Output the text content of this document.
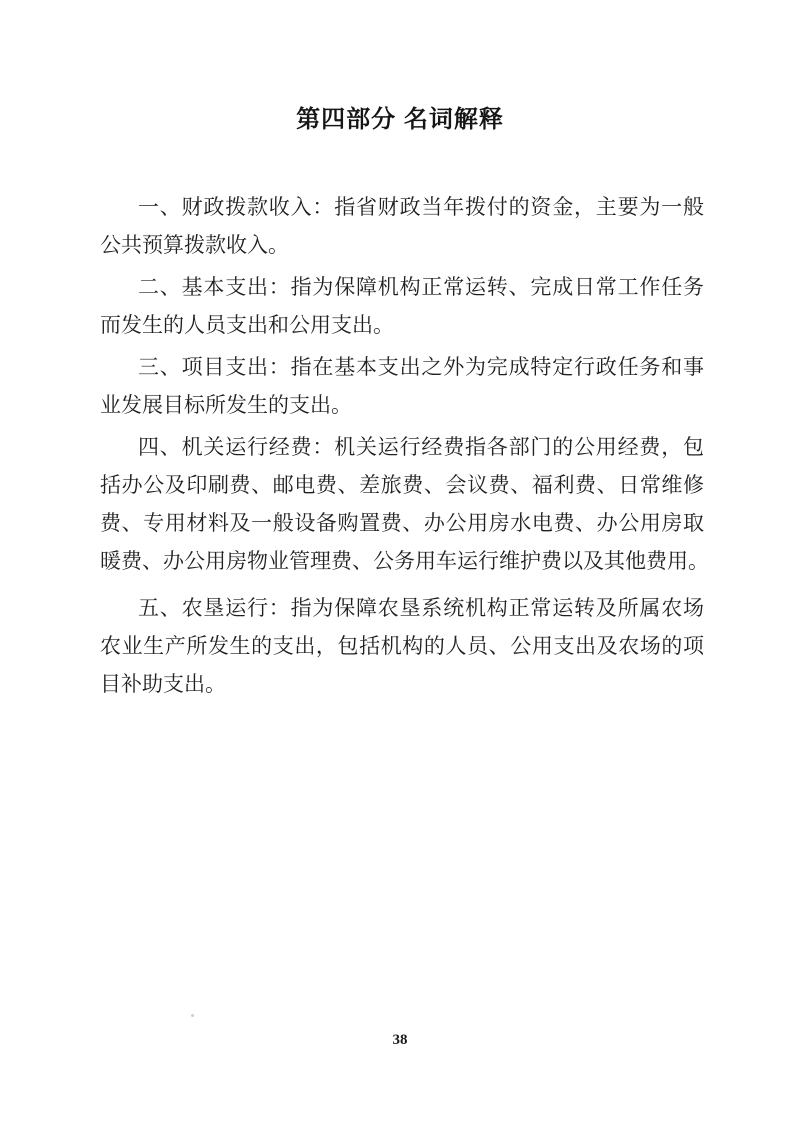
第四部分 名词解释
一、财政拨款收入：指省财政当年拨付的资金，主要为一般
公共预算拨款收入。
二、基本支出：指为保障机构正常运转、完成日常工作任务
而发生的人员支出和公用支出。
三、项目支出：指在基本支出之外为完成特定行政任务和事
业发展目标所发生的支出。
四、机关运行经费：机关运行经费指各部门的公用经费，包
括办公及印刷费、邮电费、差旅费、会议费、福利费、日常维修
费、专用材料及一般设备购置费、办公用房水电费、办公用房取
暖费、办公用房物业管理费、公务用车运行维护费以及其他费用。
五、农垦运行：指为保障农垦系统机构正常运转及所属农场
农业生产所发生的支出，包括机构的人员、公用支出及农场的项
目补助支出。
38
